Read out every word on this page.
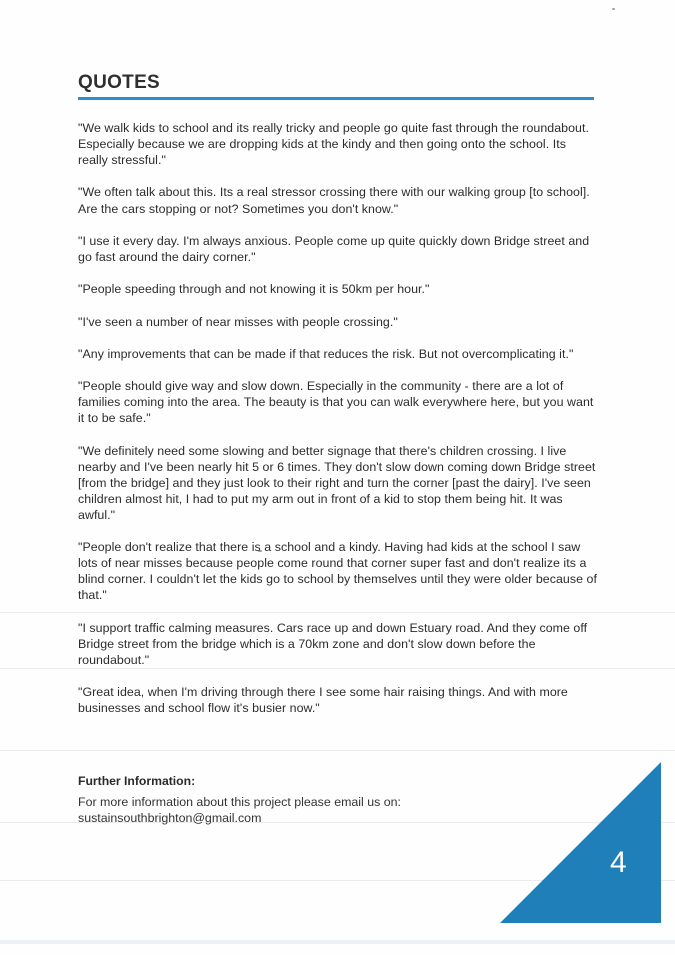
QUOTES
"We walk kids to school and its really tricky and people go quite fast through the roundabout. Especially because we are dropping kids at the kindy and then going onto the school. Its really stressful."
"We often talk about this. Its a real stressor crossing there with our walking group [to school]. Are the cars stopping or not? Sometimes you don't know."
"I use it every day. I'm always anxious. People come up quite quickly down Bridge street and go fast around the dairy corner."
"People speeding through and not knowing it is 50km per hour."
"I've seen a number of near misses with people crossing."
"Any improvements that can be made if that reduces the risk. But not overcomplicating it."
"People should give way and slow down. Especially in the community - there are a lot of families coming into the area. The beauty is that you can walk everywhere here, but you want it to be safe."
"We definitely need some slowing and better signage that there's children crossing. I live nearby and I've been nearly hit 5 or 6 times. They don't slow down coming down Bridge street [from the bridge] and they just look to their right and turn the corner [past the dairy]. I've seen children almost hit, I had to put my arm out in front of a kid to stop them being hit. It was awful."
"People don't realize that there is a school and a kindy. Having had kids at the school I saw lots of near misses because people come round that corner super fast and don't realize its a blind corner. I couldn't let the kids go to school by themselves until they were older because of that."
"I support traffic calming measures. Cars race up and down Estuary road. And they come off Bridge street from the bridge which is a 70km zone and don't slow down before the roundabout."
"Great idea, when I'm driving through there I see some hair raising things. And with more businesses and school flow it's busier now."

Further Information:

For more information about this project please email us on:

sustainsouthbrighton@gmail.com

4
